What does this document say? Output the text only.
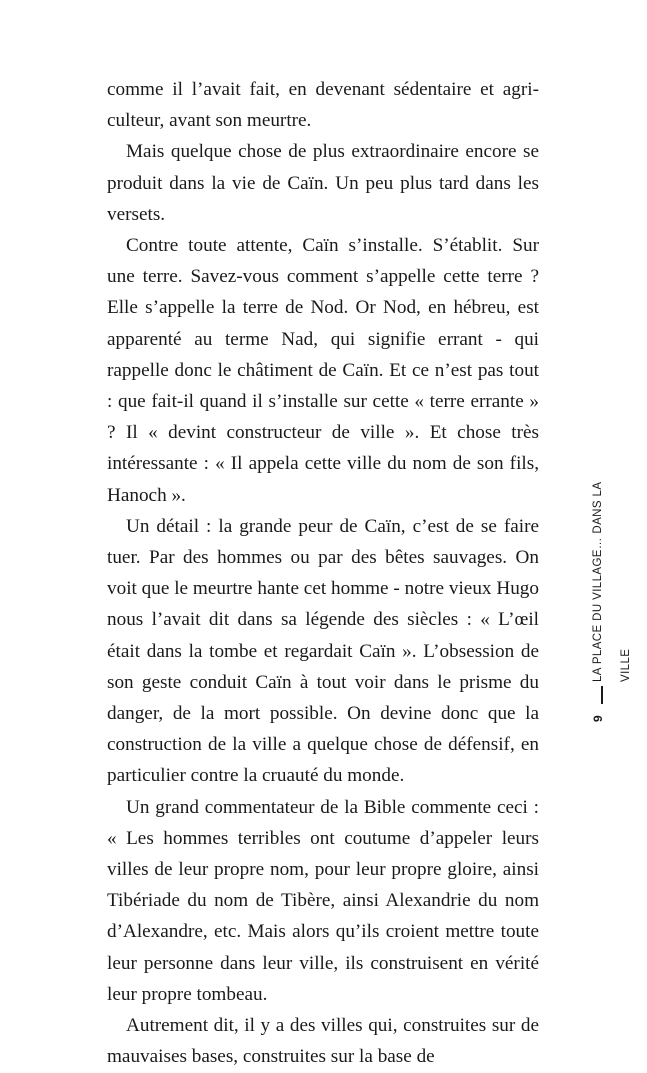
comme il l’avait fait, en devenant sédentaire et agriculteur, avant son meurtre.

Mais quelque chose de plus extraordinaire encore se produit dans la vie de Caïn. Un peu plus tard dans les versets.

Contre toute attente, Caïn s’installe. S’établit. Sur une terre. Savez-vous comment s’appelle cette terre ? Elle s’appelle la terre de Nod. Or Nod, en hébreu, est apparenté au terme Nad, qui signifie errant - qui rappelle donc le châtiment de Caïn. Et ce n’est pas tout : que fait-il quand il s’installe sur cette « terre errante » ? Il « devint constructeur de ville ». Et chose très intéressante : « Il appela cette ville du nom de son fils, Hanoch ».

Un détail : la grande peur de Caïn, c’est de se faire tuer. Par des hommes ou par des bêtes sauvages. On voit que le meurtre hante cet homme - notre vieux Hugo nous l’avait dit dans sa légende des siècles : « L’œil était dans la tombe et regardait Caïn ». L’obsession de son geste conduit Caïn à tout voir dans le prisme du danger, de la mort possible. On devine donc que la construction de la ville a quelque chose de défensif, en particulier contre la cruauté du monde.

Un grand commentateur de la Bible commente ceci : « Les hommes terribles ont coutume d’appeler leurs villes de leur propre nom, pour leur propre gloire, ainsi Tibériade du nom de Tibère, ainsi Alexandrie du nom d’Alexandre, etc. Mais alors qu’ils croient mettre toute leur personne dans leur ville, ils construisent en vérité leur propre tombeau.

Autrement dit, il y a des villes qui, construites sur de mauvaises bases, construites sur la base de

LA PLACE DU VILLAGE… DANS LA VILLE
9
